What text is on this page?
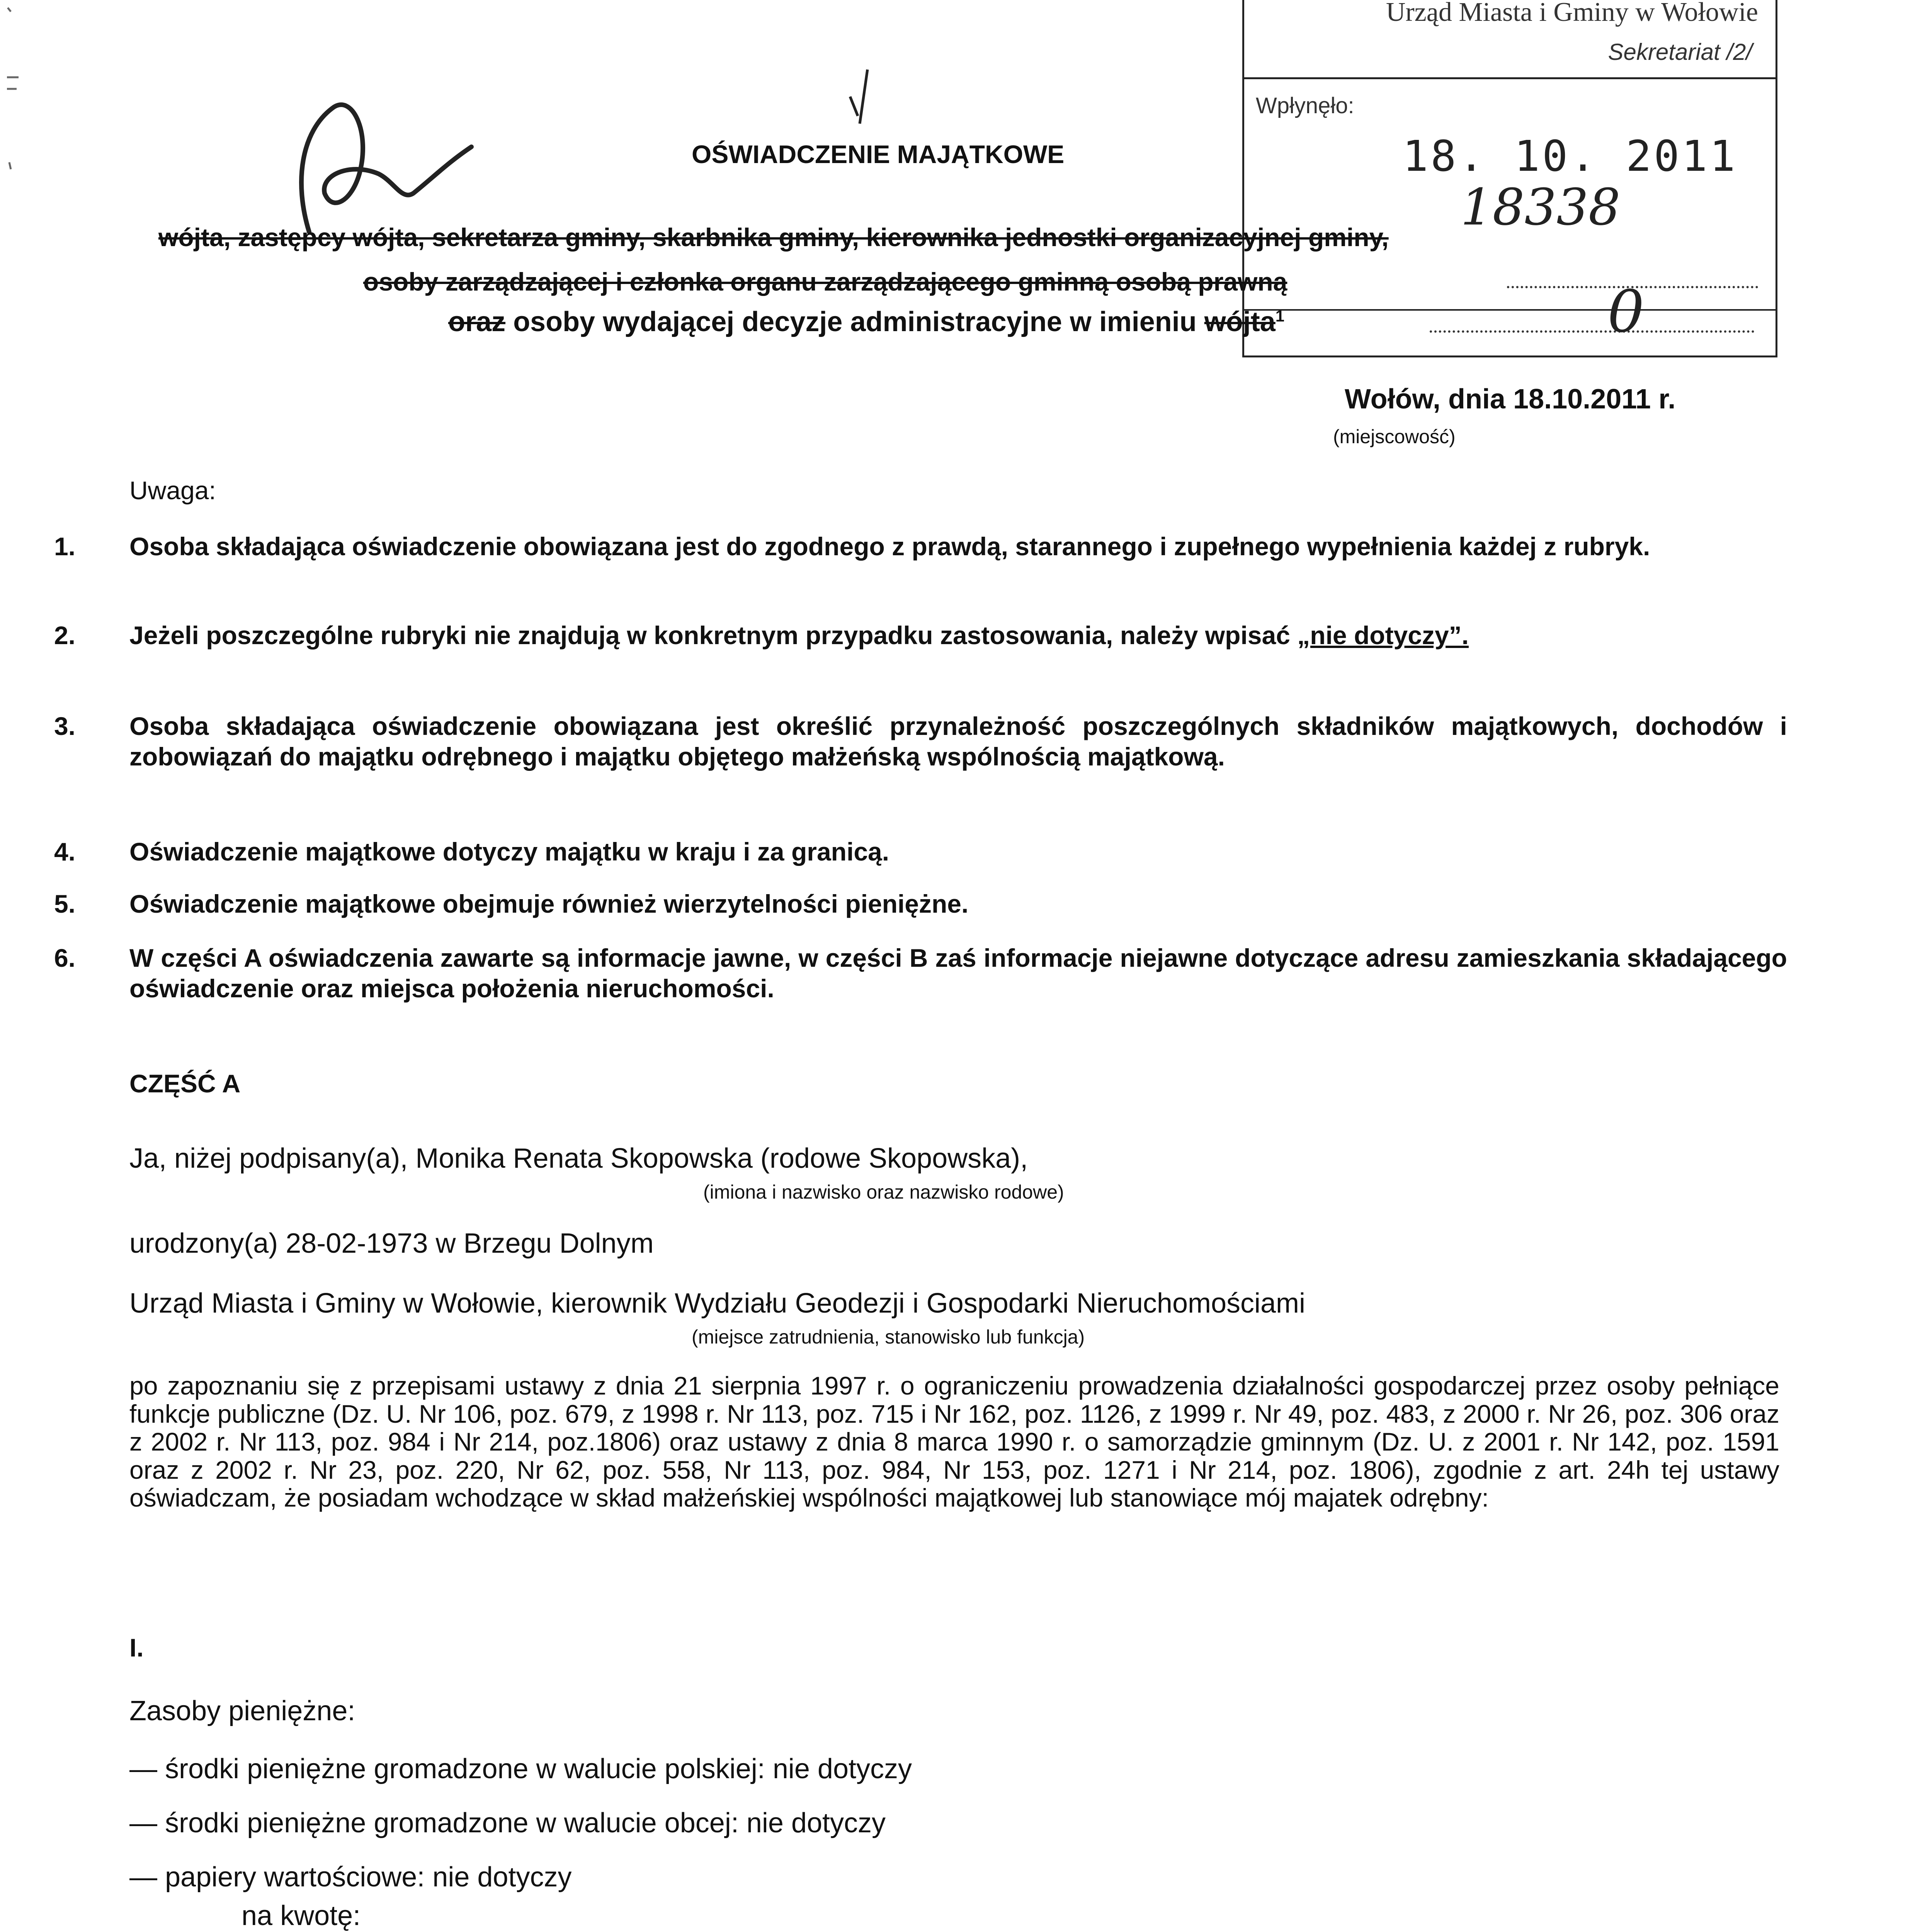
Urząd Miasta i Gminy w Wołowie
Sekretariat /2/
Wpłynęło:
18. 10. 2011
18338
OŚWIADCZENIE MAJĄTKOWE
wójta, zastępcy wójta, sekretarza gminy, skarbnika gminy, kierownika jednostki organizacyjnej gminy,
osoby zarządzającej i członka organu zarządzającego gminną osobą prawną
oraz osoby wydającej decyzje administracyjne w imieniu wójta$^1$	0
Wołów, dnia 18.10.2011 r.
(miejscowość)
Uwaga:
1. Osoba składająca oświadczenie obowiązana jest do zgodnego z prawdą, starannego i zupełnego wypełnienia każdej z rubryk.
2. Jeżeli poszczególne rubryki nie znajdują w konkretnym przypadku zastosowania, należy wpisać „nie dotyczy”.
3. Osoba składająca oświadczenie obowiązana jest określić przynależność poszczególnych składników majątkowych, dochodów i zobowiązań do majątku odrębnego i majątku objętego małżeńską wspólnością majątkową.
4. Oświadczenie majątkowe dotyczy majątku w kraju i za granicą.
5. Oświadczenie majątkowe obejmuje również wierzytelności pieniężne.
6. W części A oświadczenia zawarte są informacje jawne, w części B zaś informacje niejawne dotyczące adresu zamieszkania składającego oświadczenie oraz miejsca położenia nieruchomości.
CZĘŚĆ A
Ja, niżej podpisany(a), Monika Renata Skopowska (rodowe Skopowska),
(imiona i nazwisko oraz nazwisko rodowe)
urodzony(a) 28-02-1973 w Brzegu Dolnym
Urząd Miasta i Gminy w Wołowie, kierownik Wydziału Geodezji i Gospodarki Nieruchomościami
(miejsce zatrudnienia, stanowisko lub funkcja)
po zapoznaniu się z przepisami ustawy z dnia 21 sierpnia 1997 r. o ograniczeniu prowadzenia działalności gospodarczej przez osoby pełniące funkcje publiczne (Dz. U. Nr 106, poz. 679, z 1998 r. Nr 113, poz. 715 i Nr 162, poz. 1126, z 1999 r. Nr 49, poz. 483, z 2000 r. Nr 26, poz. 306 oraz z 2002 r. Nr 113, poz. 984 i Nr 214, poz.1806) oraz ustawy z dnia 8 marca 1990 r. o samorządzie gminnym (Dz. U. z 2001 r. Nr 142, poz. 1591 oraz z 2002 r. Nr 23, poz. 220, Nr 62, poz. 558, Nr 113, poz. 984, Nr 153, poz. 1271 i Nr 214, poz. 1806), zgodnie z art. 24h tej ustawy oświadczam, że posiadam wchodzące w skład małżeńskiej wspólności majątkowej lub stanowiące mój majatek odrębny:
I.
Zasoby pieniężne:
— środki pieniężne gromadzone w walucie polskiej: nie dotyczy
— środki pieniężne gromadzone w walucie obcej: nie dotyczy
— papiery wartościowe: nie dotyczy
na kwotę:
